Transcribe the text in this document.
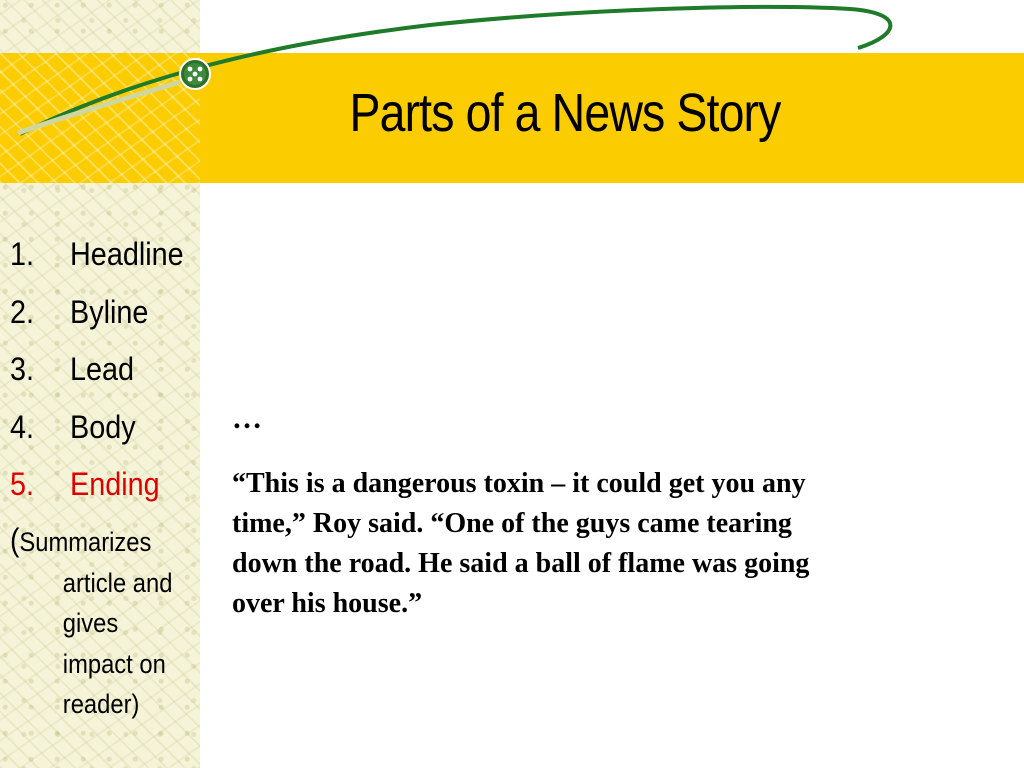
Parts of a News Story
1. Headline
2. Byline
3. Lead
4. Body
5. Ending
(Summarizes
article and
gives
impact on
reader)
…

“This is a dangerous toxin – it could get you any
time,” Roy said. “One of the guys came tearing
down the road. He said a ball of flame was going
over his house.”
